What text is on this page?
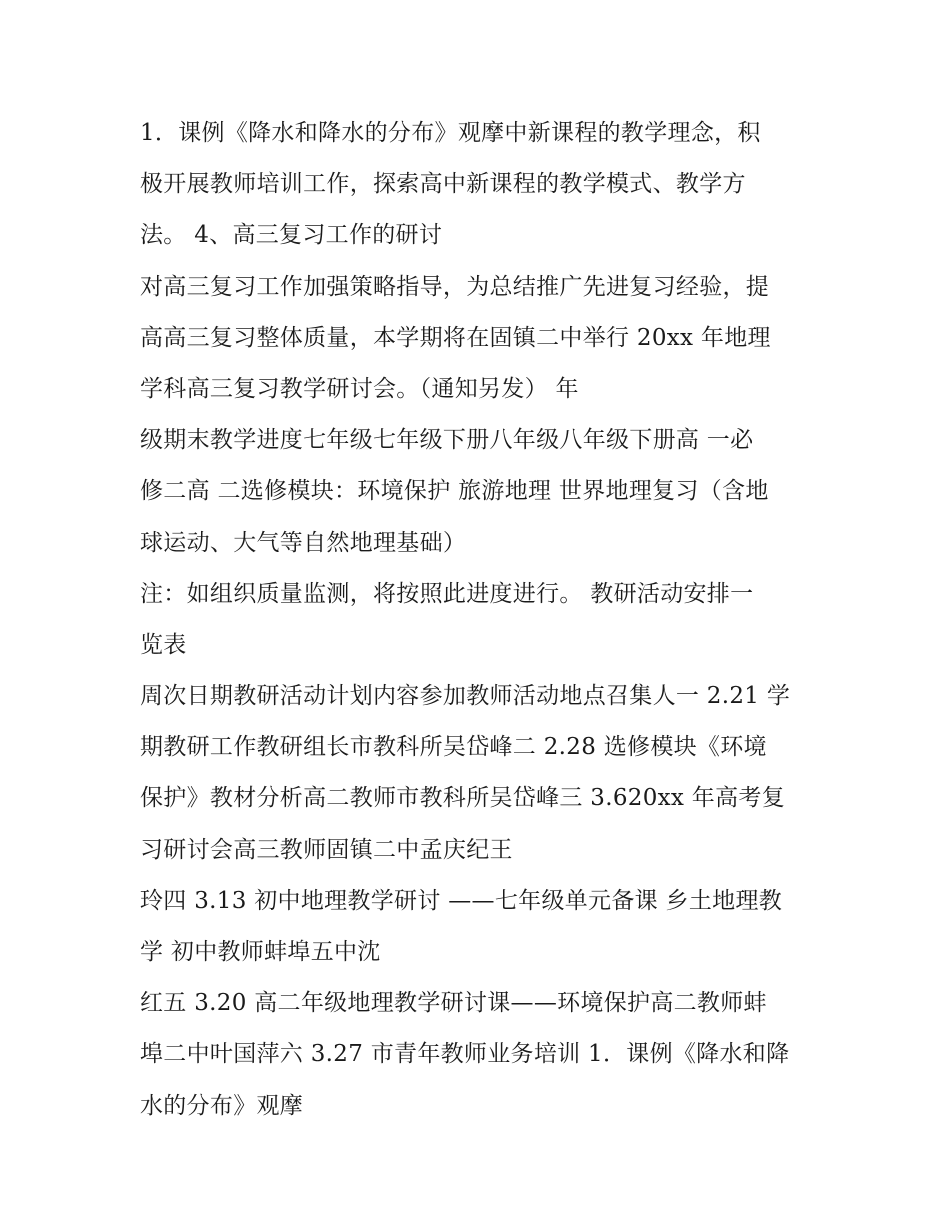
1．课例《降水和降水的分布》观摩中新课程的教学理念，积
极开展教师培训工作，探索高中新课程的教学模式、教学方
法。 4、高三复习工作的研讨
对高三复习工作加强策略指导，为总结推广先进复习经验，提
高高三复习整体质量，本学期将在固镇二中举行 20xx 年地理
学科高三复习教学研讨会。（通知另发） 年
级期末教学进度七年级七年级下册八年级八年级下册高 一必
修二高 二选修模块：环境保护 旅游地理 世界地理复习（含地
球运动、大气等自然地理基础）
注：如组织质量监测，将按照此进度进行。 教研活动安排一
览表
周次日期教研活动计划内容参加教师活动地点召集人一 2.21 学
期教研工作教研组长市教科所吴岱峰二 2.28 选修模块《环境
保护》教材分析高二教师市教科所吴岱峰三 3.620xx 年高考复
习研讨会高三教师固镇二中孟庆纪王
玲四 3.13 初中地理教学研讨 ——七年级单元备课 乡土地理教
学 初中教师蚌埠五中沈
红五 3.20 高二年级地理教学研讨课——环境保护高二教师蚌
埠二中叶国萍六 3.27 市青年教师业务培训 1．课例《降水和降
水的分布》观摩
